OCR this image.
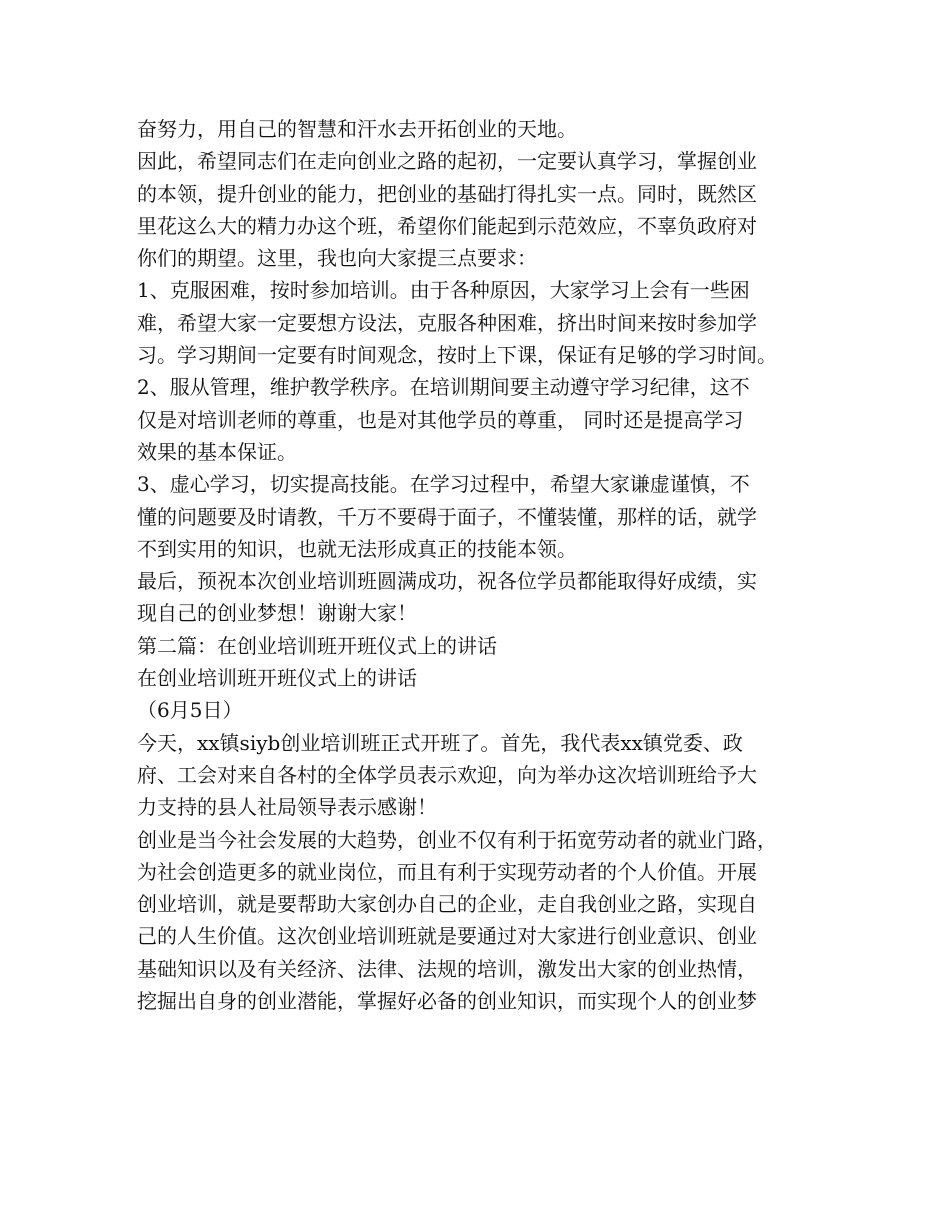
奋努力，用自己的智慧和汗水去开拓创业的天地。
因此，希望同志们在走向创业之路的起初，一定要认真学习，掌握创业
的本领，提升创业的能力，把创业的基础打得扎实一点。同时，既然区
里花这么大的精力办这个班，希望你们能起到示范效应，不辜负政府对
你们的期望。这里，我也向大家提三点要求：
1、克服困难，按时参加培训。由于各种原因，大家学习上会有一些困
难，希望大家一定要想方设法，克服各种困难，挤出时间来按时参加学
习。学习期间一定要有时间观念，按时上下课，保证有足够的学习时间。
2、服从管理，维护教学秩序。在培训期间要主动遵守学习纪律，这不
仅是对培训老师的尊重，也是对其他学员的尊重， 同时还是提高学习
效果的基本保证。
3、虚心学习，切实提高技能。在学习过程中，希望大家谦虚谨慎，不
懂的问题要及时请教，千万不要碍于面子，不懂装懂，那样的话，就学
不到实用的知识，也就无法形成真正的技能本领。
最后，预祝本次创业培训班圆满成功，祝各位学员都能取得好成绩，实
现自己的创业梦想！谢谢大家！
第二篇：在创业培训班开班仪式上的讲话
在创业培训班开班仪式上的讲话
（6月5日）
今天，xx镇siyb创业培训班正式开班了。首先，我代表xx镇党委、政
府、工会对来自各村的全体学员表示欢迎，向为举办这次培训班给予大
力支持的县人社局领导表示感谢！
创业是当今社会发展的大趋势，创业不仅有利于拓宽劳动者的就业门路，
为社会创造更多的就业岗位，而且有利于实现劳动者的个人价值。开展
创业培训，就是要帮助大家创办自己的企业，走自我创业之路，实现自
己的人生价值。这次创业培训班就是要通过对大家进行创业意识、创业
基础知识以及有关经济、法律、法规的培训，激发出大家的创业热情，
挖掘出自身的创业潜能，掌握好必备的创业知识，而实现个人的创业梦
